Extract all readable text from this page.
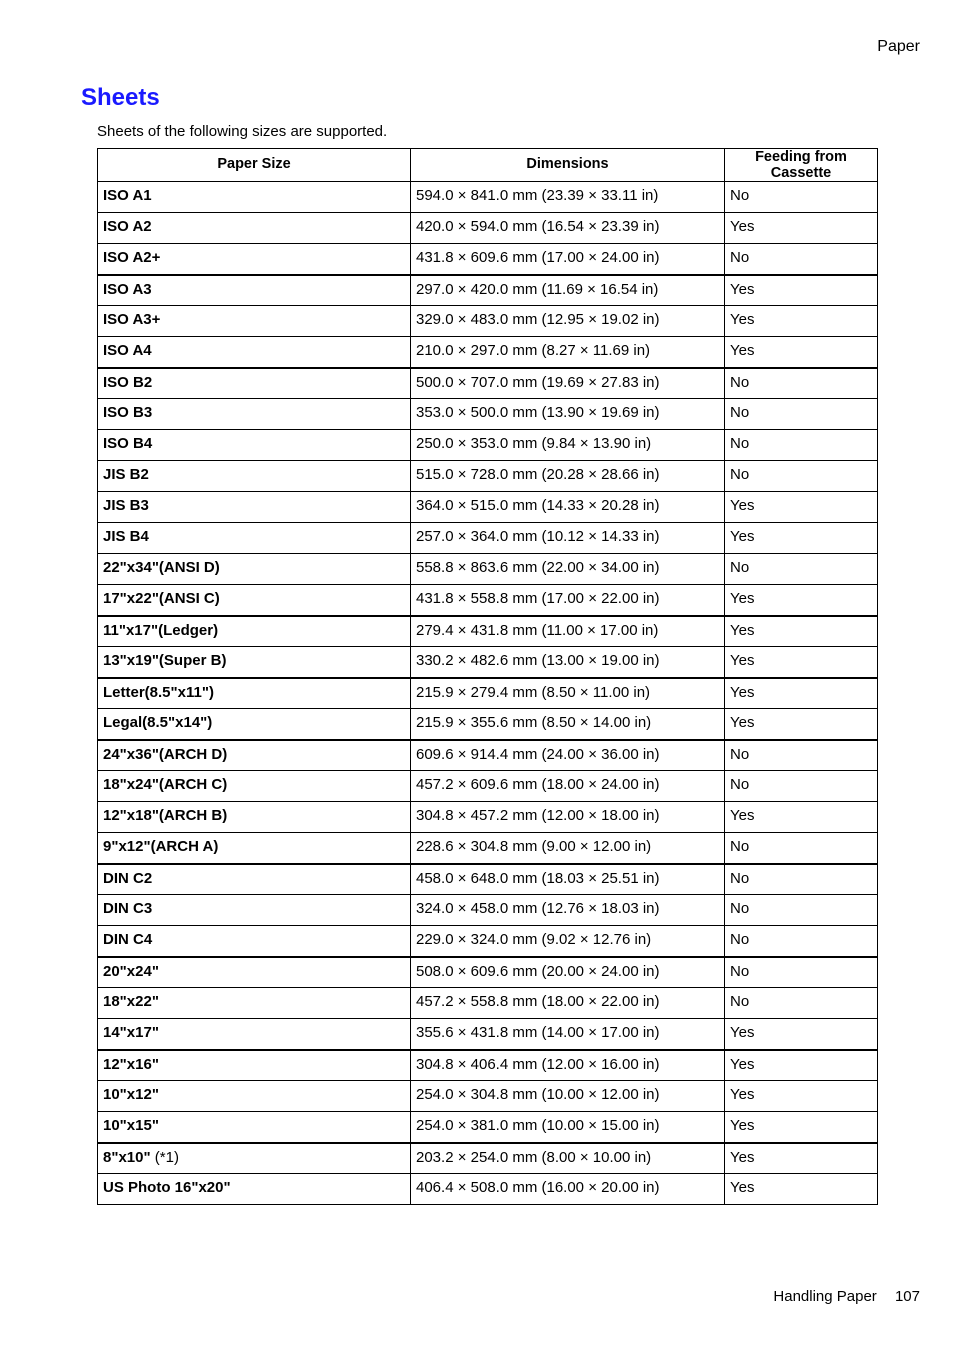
Paper
Sheets
Sheets of the following sizes are supported.
Paper Size	Dimensions	Feeding from Cassette
ISO A1	594.0 × 841.0 mm (23.39 × 33.11 in)	No
ISO A2	420.0 × 594.0 mm (16.54 × 23.39 in)	Yes
ISO A2+	431.8 × 609.6 mm (17.00 × 24.00 in)	No
ISO A3	297.0 × 420.0 mm (11.69 × 16.54 in)	Yes
ISO A3+	329.0 × 483.0 mm (12.95 × 19.02 in)	Yes
ISO A4	210.0 × 297.0 mm (8.27 × 11.69 in)	Yes
ISO B2	500.0 × 707.0 mm (19.69 × 27.83 in)	No
ISO B3	353.0 × 500.0 mm (13.90 × 19.69 in)	No
ISO B4	250.0 × 353.0 mm (9.84 × 13.90 in)	No
JIS B2	515.0 × 728.0 mm (20.28 × 28.66 in)	No
JIS B3	364.0 × 515.0 mm (14.33 × 20.28 in)	Yes
JIS B4	257.0 × 364.0 mm (10.12 × 14.33 in)	Yes
22"x34"(ANSI D)	558.8 × 863.6 mm (22.00 × 34.00 in)	No
17"x22"(ANSI C)	431.8 × 558.8 mm (17.00 × 22.00 in)	Yes
11"x17"(Ledger)	279.4 × 431.8 mm (11.00 × 17.00 in)	Yes
13"x19"(Super B)	330.2 × 482.6 mm (13.00 × 19.00 in)	Yes
Letter(8.5"x11")	215.9 × 279.4 mm (8.50 × 11.00 in)	Yes
Legal(8.5"x14")	215.9 × 355.6 mm (8.50 × 14.00 in)	Yes
24"x36"(ARCH D)	609.6 × 914.4 mm (24.00 × 36.00 in)	No
18"x24"(ARCH C)	457.2 × 609.6 mm (18.00 × 24.00 in)	No
12"x18"(ARCH B)	304.8 × 457.2 mm (12.00 × 18.00 in)	Yes
9"x12"(ARCH A)	228.6 × 304.8 mm (9.00 × 12.00 in)	No
DIN C2	458.0 × 648.0 mm (18.03 × 25.51 in)	No
DIN C3	324.0 × 458.0 mm (12.76 × 18.03 in)	No
DIN C4	229.0 × 324.0 mm (9.02 × 12.76 in)	No
20"x24"	508.0 × 609.6 mm (20.00 × 24.00 in)	No
18"x22"	457.2 × 558.8 mm (18.00 × 22.00 in)	No
14"x17"	355.6 × 431.8 mm (14.00 × 17.00 in)	Yes
12"x16"	304.8 × 406.4 mm (12.00 × 16.00 in)	Yes
10"x12"	254.0 × 304.8 mm (10.00 × 12.00 in)	Yes
10"x15"	254.0 × 381.0 mm (10.00 × 15.00 in)	Yes
8"x10" (*1)	203.2 × 254.0 mm (8.00 × 10.00 in)	Yes
US Photo 16"x20"	406.4 × 508.0 mm (16.00 × 20.00 in)	Yes
Handling Paper 107
